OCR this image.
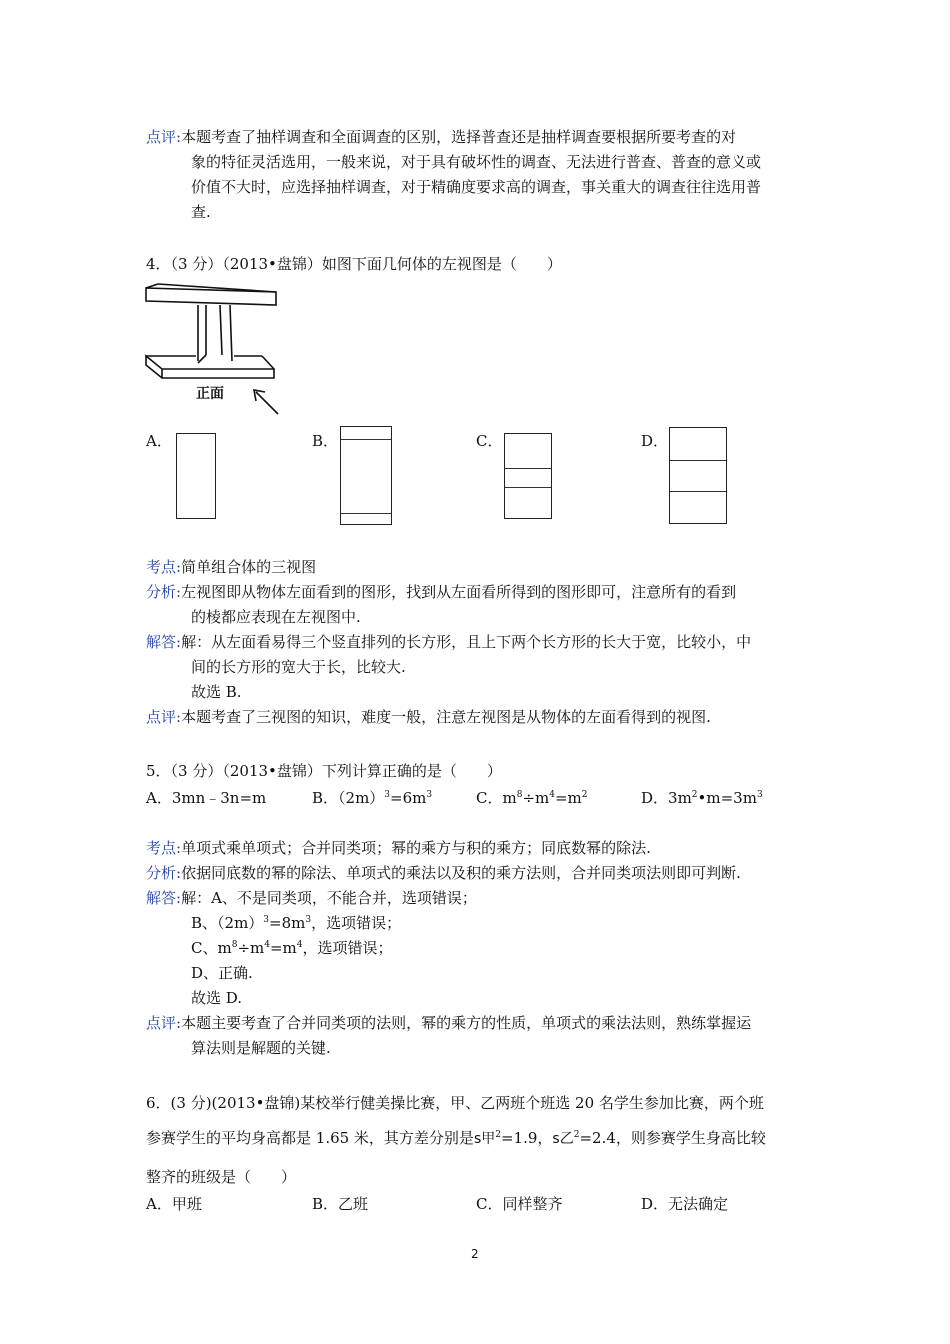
点评:本题考查了抽样调查和全面调查的区别，选择普查还是抽样调查要根据所要考查的对
象的特征灵活选用，一般来说，对于具有破坏性的调查、无法进行普查、普查的意义或
价值不大时，应选择抽样调查，对于精确度要求高的调查，事关重大的调查往往选用普
查.
4．（3 分）（2013•盘锦）如图下面几何体的左视图是（　　）
正面
A．	B．	C．	D．
考点:简单组合体的三视图
分析:左视图即从物体左面看到的图形，找到从左面看所得到的图形即可，注意所有的看到
的棱都应表现在左视图中.
解答:解：从左面看易得三个竖直排列的长方形，且上下两个长方形的长大于宽，比较小，中
间的长方形的宽大于长，比较大.
故选 B.
点评:本题考查了三视图的知识，难度一般，注意左视图是从物体的左面看得到的视图.
5．（3 分）（2013•盘锦）下列计算正确的是（　　）
A．3mn﹣3n=m	B．$(2m)^3=6m^3$	C．$m^8\div m^4=m^2$	D．$3m^2•m=3m^3$
考点:单项式乘单项式；合并同类项；幂的乘方与积的乘方；同底数幂的除法.
分析:依据同底数的幂的除法、单项式的乘法以及积的乘方法则，合并同类项法则即可判断.
解答:解：A、不是同类项，不能合并，选项错误；
B、$(2m)^3=8m^3$，选项错误；
C、$m^8\div m^4=m^4$，选项错误；
D、正确.
故选 D.
点评:本题主要考查了合并同类项的法则，幂的乘方的性质，单项式的乘法法则，熟练掌握运
算法则是解题的关键.
6．(3 分)(2013•盘锦)某校举行健美操比赛，甲、乙两班个班选 20 名学生参加比赛，两个班
参赛学生的平均身高都是 1.65 米，其方差分别是s甲$^2$=1.9，s乙$^2$=2.4，则参赛学生身高比较
整齐的班级是（　　）
A．甲班	B．乙班	C．同样整齐	D．无法确定
2
